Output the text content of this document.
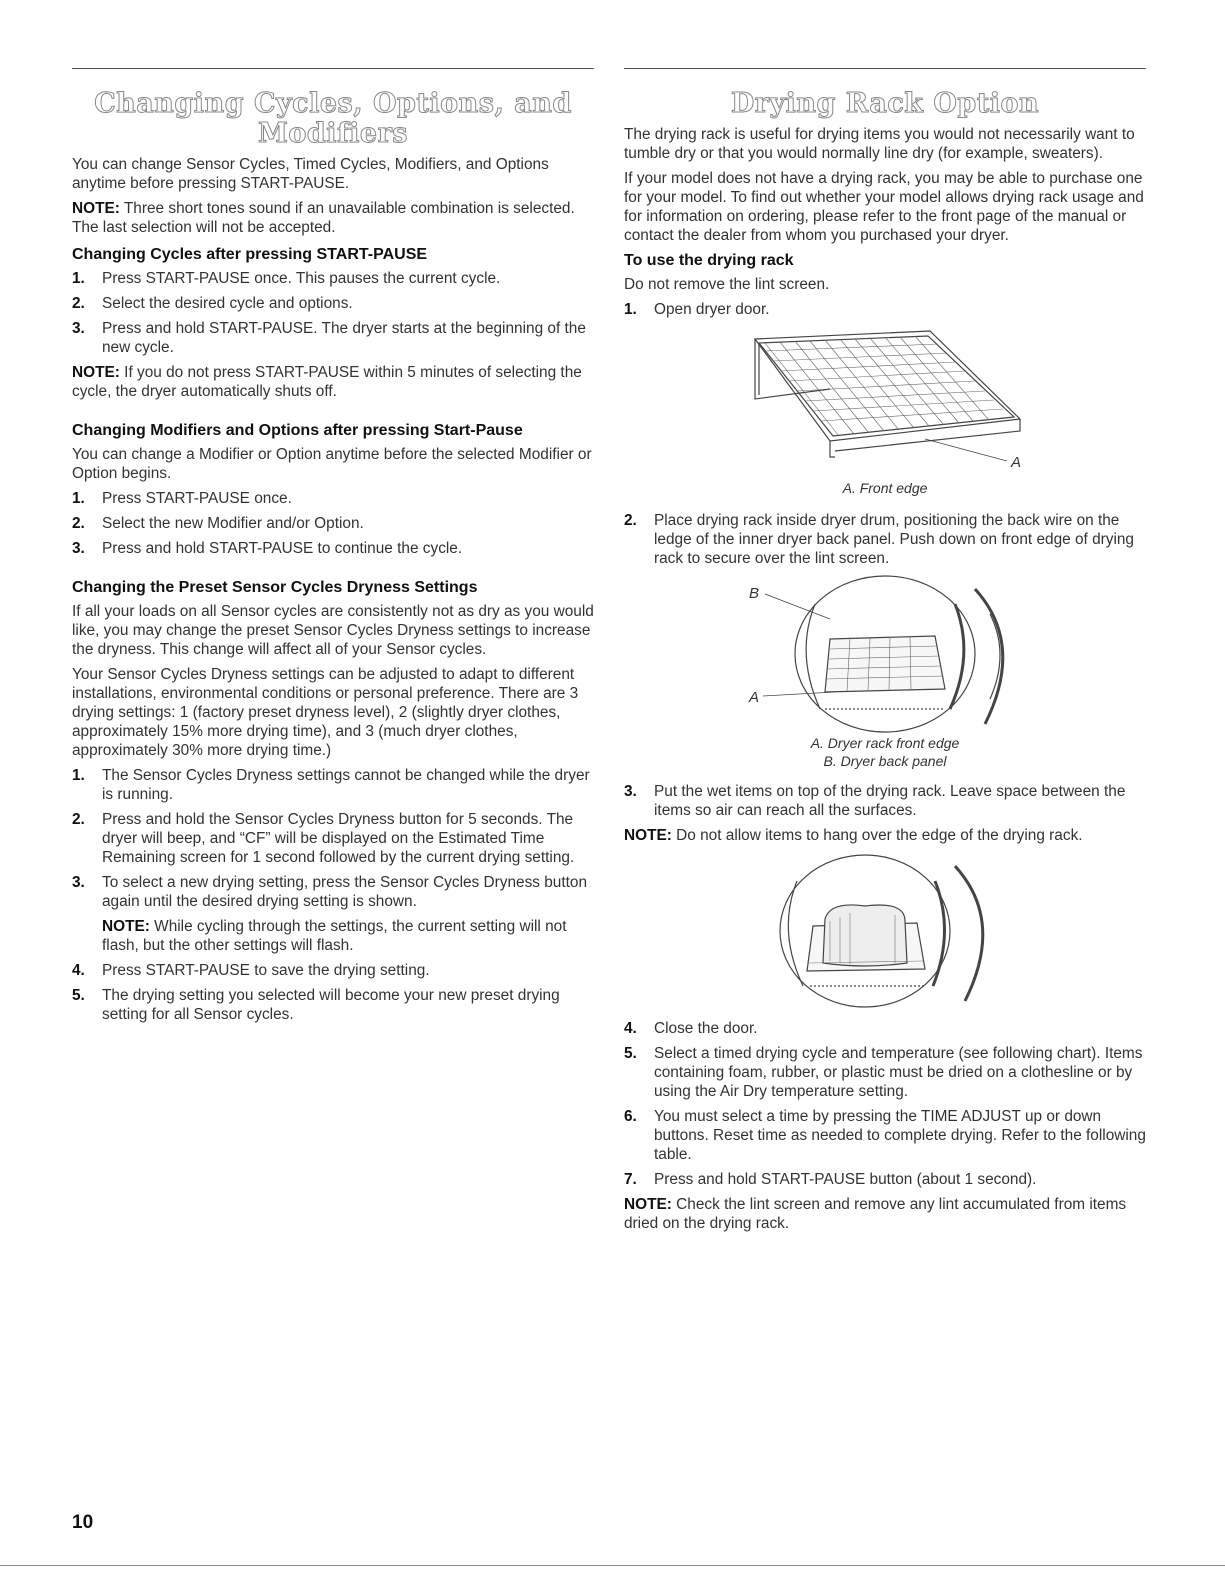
Changing Cycles, Options, and Modifiers

You can change Sensor Cycles, Timed Cycles, Modifiers, and Options anytime before pressing START-PAUSE.

NOTE: Three short tones sound if an unavailable combination is selected. The last selection will not be accepted.

Changing Cycles after pressing START-PAUSE
1. Press START-PAUSE once. This pauses the current cycle.
2. Select the desired cycle and options.
3. Press and hold START-PAUSE. The dryer starts at the beginning of the new cycle.

NOTE: If you do not press START-PAUSE within 5 minutes of selecting the cycle, the dryer automatically shuts off.

Changing Modifiers and Options after pressing Start-Pause

You can change a Modifier or Option anytime before the selected Modifier or Option begins.

1. Press START-PAUSE once.
2. Select the new Modifier and/or Option.
3. Press and hold START-PAUSE to continue the cycle.
Changing the Preset Sensor Cycles Dryness Settings

If all your loads on all Sensor cycles are consistently not as dry as you would like, you may change the preset Sensor Cycles Dryness settings to increase the dryness. This change will affect all of your Sensor cycles.

Your Sensor Cycles Dryness settings can be adjusted to adapt to different installations, environmental conditions or personal preference. There are 3 drying settings: 1 (factory preset dryness level), 2 (slightly dryer clothes, approximately 15% more drying time), and 3 (much dryer clothes, approximately 30% more drying time.)

1. The Sensor Cycles Dryness settings cannot be changed while the dryer is running.
2. Press and hold the Sensor Cycles Dryness button for 5 seconds. The dryer will beep, and “CF” will be displayed on the Estimated Time Remaining screen for 1 second followed by the current drying setting.
3. To select a new drying setting, press the Sensor Cycles Dryness button again until the desired drying setting is shown.
NOTE: While cycling through the settings, the current setting will not flash, but the other settings will flash.
4. Press START-PAUSE to save the drying setting.
5. The drying setting you selected will become your new preset drying setting for all Sensor cycles.
Drying Rack Option

The drying rack is useful for drying items you would not necessarily want to tumble dry or that you would normally line dry (for example, sweaters).

If your model does not have a drying rack, you may be able to purchase one for your model. To find out whether your model allows drying rack usage and for information on ordering, please refer to the front page of the manual or contact the dealer from whom you purchased your dryer.

To use the drying rack

Do not remove the lint screen.

1. Open dryer door.
A
A. Front edge
2. Place drying rack inside dryer drum, positioning the back wire on the ledge of the inner dryer back panel. Push down on front edge of drying rack to secure over the lint screen.
B
A
A. Dryer rack front edge
B. Dryer back panel
3. Put the wet items on top of the drying rack. Leave space between the items so air can reach all the surfaces.

NOTE: Do not allow items to hang over the edge of the drying rack.

4. Close the door.
5. Select a timed drying cycle and temperature (see following chart). Items containing foam, rubber, or plastic must be dried on a clothesline or by using the Air Dry temperature setting.
6. You must select a time by pressing the TIME ADJUST up or down buttons. Reset time as needed to complete drying. Refer to the following table.
7. Press and hold START-PAUSE button (about 1 second).

NOTE: Check the lint screen and remove any lint accumulated from items dried on the drying rack.

10
